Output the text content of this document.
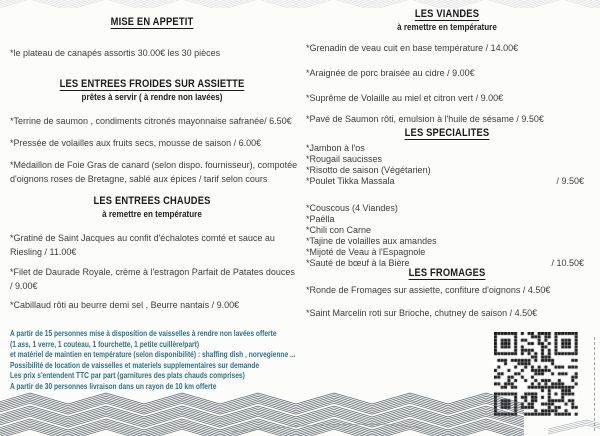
MISE EN APPETIT
*le plateau de canapés assortis 30.00€ les 30 pièces
LES ENTREES FROIDES SUR ASSIETTE
prêtes à servir ( à rendre non lavées)
*Terrine de saumon , condiments citronés mayonnaise safranée/ 6.50€
*Pressée de volailles aux fruits secs, mousse de saison / 6.00€
*Médaillon de Foie Gras de canard (selon dispo. fournisseur), compotée d'oignons roses de Bretagne, sablé aux épices / tarif selon cours
LES ENTREES CHAUDES
à remettre en température
*Gratiné de Saint Jacques au confit d'échalotes comté et sauce au Riesling / 11.00€
*Filet de Daurade Royale, crème à l'estragon Parfait de Patates douces / 9.00€
*Cabillaud rôti au beurre demi sel , Beurre nantais / 9.00€
LES VIANDES
à remettre en température
*Grenadin de veau cuit en base température / 14.00€
*Araignée de porc braisée au cidre / 9.00€
*Suprême de Volaille au miel et citron vert / 9.00€
*Pavé de Saumon rôti, emulsion à l'huile de sésame / 9.50€
LES SPECIALITES

*Jambon à l'os

*Rougail saucisses

*Risotto de saison (Végétarien)

*Poulet Tikka Massala	/ 9.50€

*Couscous (4 Viandes)

*Paëlla

*Chili con Carne

*Tajine de volailles aux amandes

*Mijoté de Veau à l'Espagnole

*Sauté de bœuf à la Bière	/ 10.50€
LES FROMAGES
*Ronde de Fromages sur assiette, confiture d'oignons / 4.50€
*Saint Marcelin roti sur Brioche, chutney de saison / 4.50€
A partir de 15 personnes mise à disposition de vaisselles à rendre non lavées offerte
(1 ass, 1 verre, 1 couteau, 1 fourchette, 1 petite cuillère/part)
et matériel de maintien en température (selon disponibilité) : shaffing dish , norvegienne ...
Possibilité de location de vaisselles et materiels supplementaires sur demande
Les prix s'entendent TTC par part (garnitures des plats chauds comprises)
A partir de 30 personnes livraison dans un rayon de 10 km offerte
